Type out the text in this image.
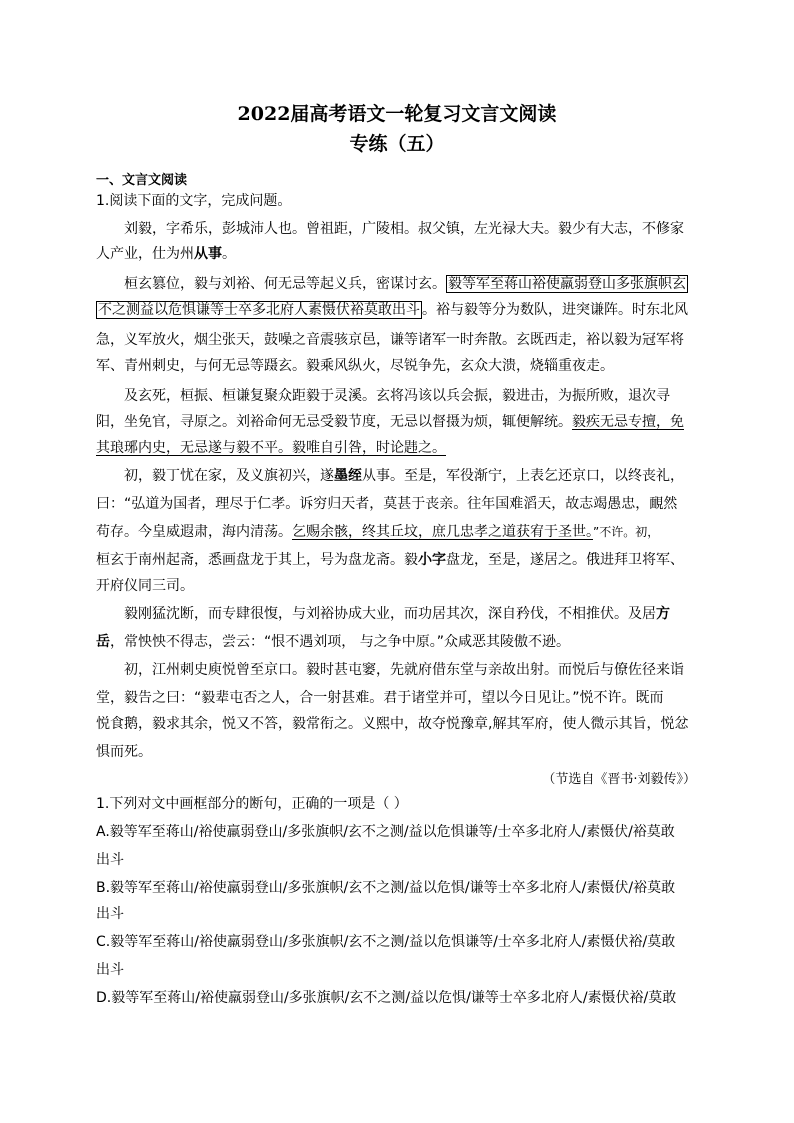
2022届高考语文一轮复习文言文阅读
专练（五）
一、文言文阅读
1.阅读下面的文字，完成问题。
刘毅，字希乐，彭城沛人也。曾祖距，广陵相。叔父镇，左光禄大夫。毅少有大志，不修家
人产业，仕为州从事。
桓玄篡位，毅与刘裕、何无忌等起义兵，密谋讨玄。 毅等军至蒋山裕使羸弱登山多张旗帜玄
不之测益以危惧谦等士卒多北府人素慑伏裕莫敢出斗 。裕与毅等分为数队，进突谦阵。时东北风
急，义军放火，烟尘张天，鼓噪之音震骇京邑，谦等诸军一时奔散。玄既西走，裕以毅为冠军将
军、青州刺史，与何无忌等蹑玄。毅乘风纵火，尽锐争先，玄众大溃，烧辎重夜走。
及玄死，桓振、桓谦复聚众距毅于灵溪。玄将冯该以兵会振，毅进击，为振所败，退次寻
阳，坐免官，寻原之。刘裕命何无忌受毅节度，无忌以督摄为烦，辄便解统。毅疾无忌专擅，免
其琅琊内史，无忌遂与毅不平。毅唯自引咎，时论韪之。
初，毅丁忧在家，及义旗初兴，遂墨绖从事。至是，军役渐宁，上表乞还京口，以终丧礼，
曰：“弘道为国者，理尽于仁孝。诉穷归天者，莫甚于丧亲。往年国难滔天，故志竭愚忠，靦然
苟存。今皇威遐肃，海内清荡。乞赐余骸，终其丘坟，庶几忠孝之道获宥于圣世。”不许。初，
桓玄于南州起斋，悉画盘龙于其上，号为盘龙斋。毅小字盘龙，至是，遂居之。俄进拜卫将军、
开府仪同三司。
毅刚猛沈断，而专肆很愎，与刘裕协成大业，而功居其次，深自矜伐，不相推伏。及居方
岳，常怏怏不得志，尝云：“恨不遇刘项， 与之争中原。”众咸恶其陵傲不逊。
初，江州刺史庾悦曾至京口。毅时甚屯窭，先就府借东堂与亲故出射。而悦后与僚佐径来诣
堂，毅告之曰：“毅辈屯否之人，合一射甚难。君于诸堂并可，望以今日见让。”悦不许。既而
悦食鹅，毅求其余，悦又不答，毅常衔之。义熙中，故夺悦豫章,解其军府，使人微示其旨，悦忿
惧而死。
（节选自《晋书·刘毅传》）
1.下列对文中画框部分的断句，正确的一项是（ ）
A.毅等军至蒋山/裕使羸弱登山/多张旗帜/玄不之测/益以危惧谦等/士卒多北府人/素慑伏/裕莫敢
出斗
B.毅等军至蒋山/裕使羸弱登山/多张旗帜/玄不之测/益以危惧/谦等士卒多北府人/素慑伏/裕莫敢
出斗
C.毅等军至蒋山/裕使羸弱登山/多张旗帜/玄不之测/益以危惧谦等/士卒多北府人/素慑伏裕/莫敢
出斗
D.毅等军至蒋山/裕使羸弱登山/多张旗帜/玄不之测/益以危惧/谦等士卒多北府人/素慑伏裕/莫敢
